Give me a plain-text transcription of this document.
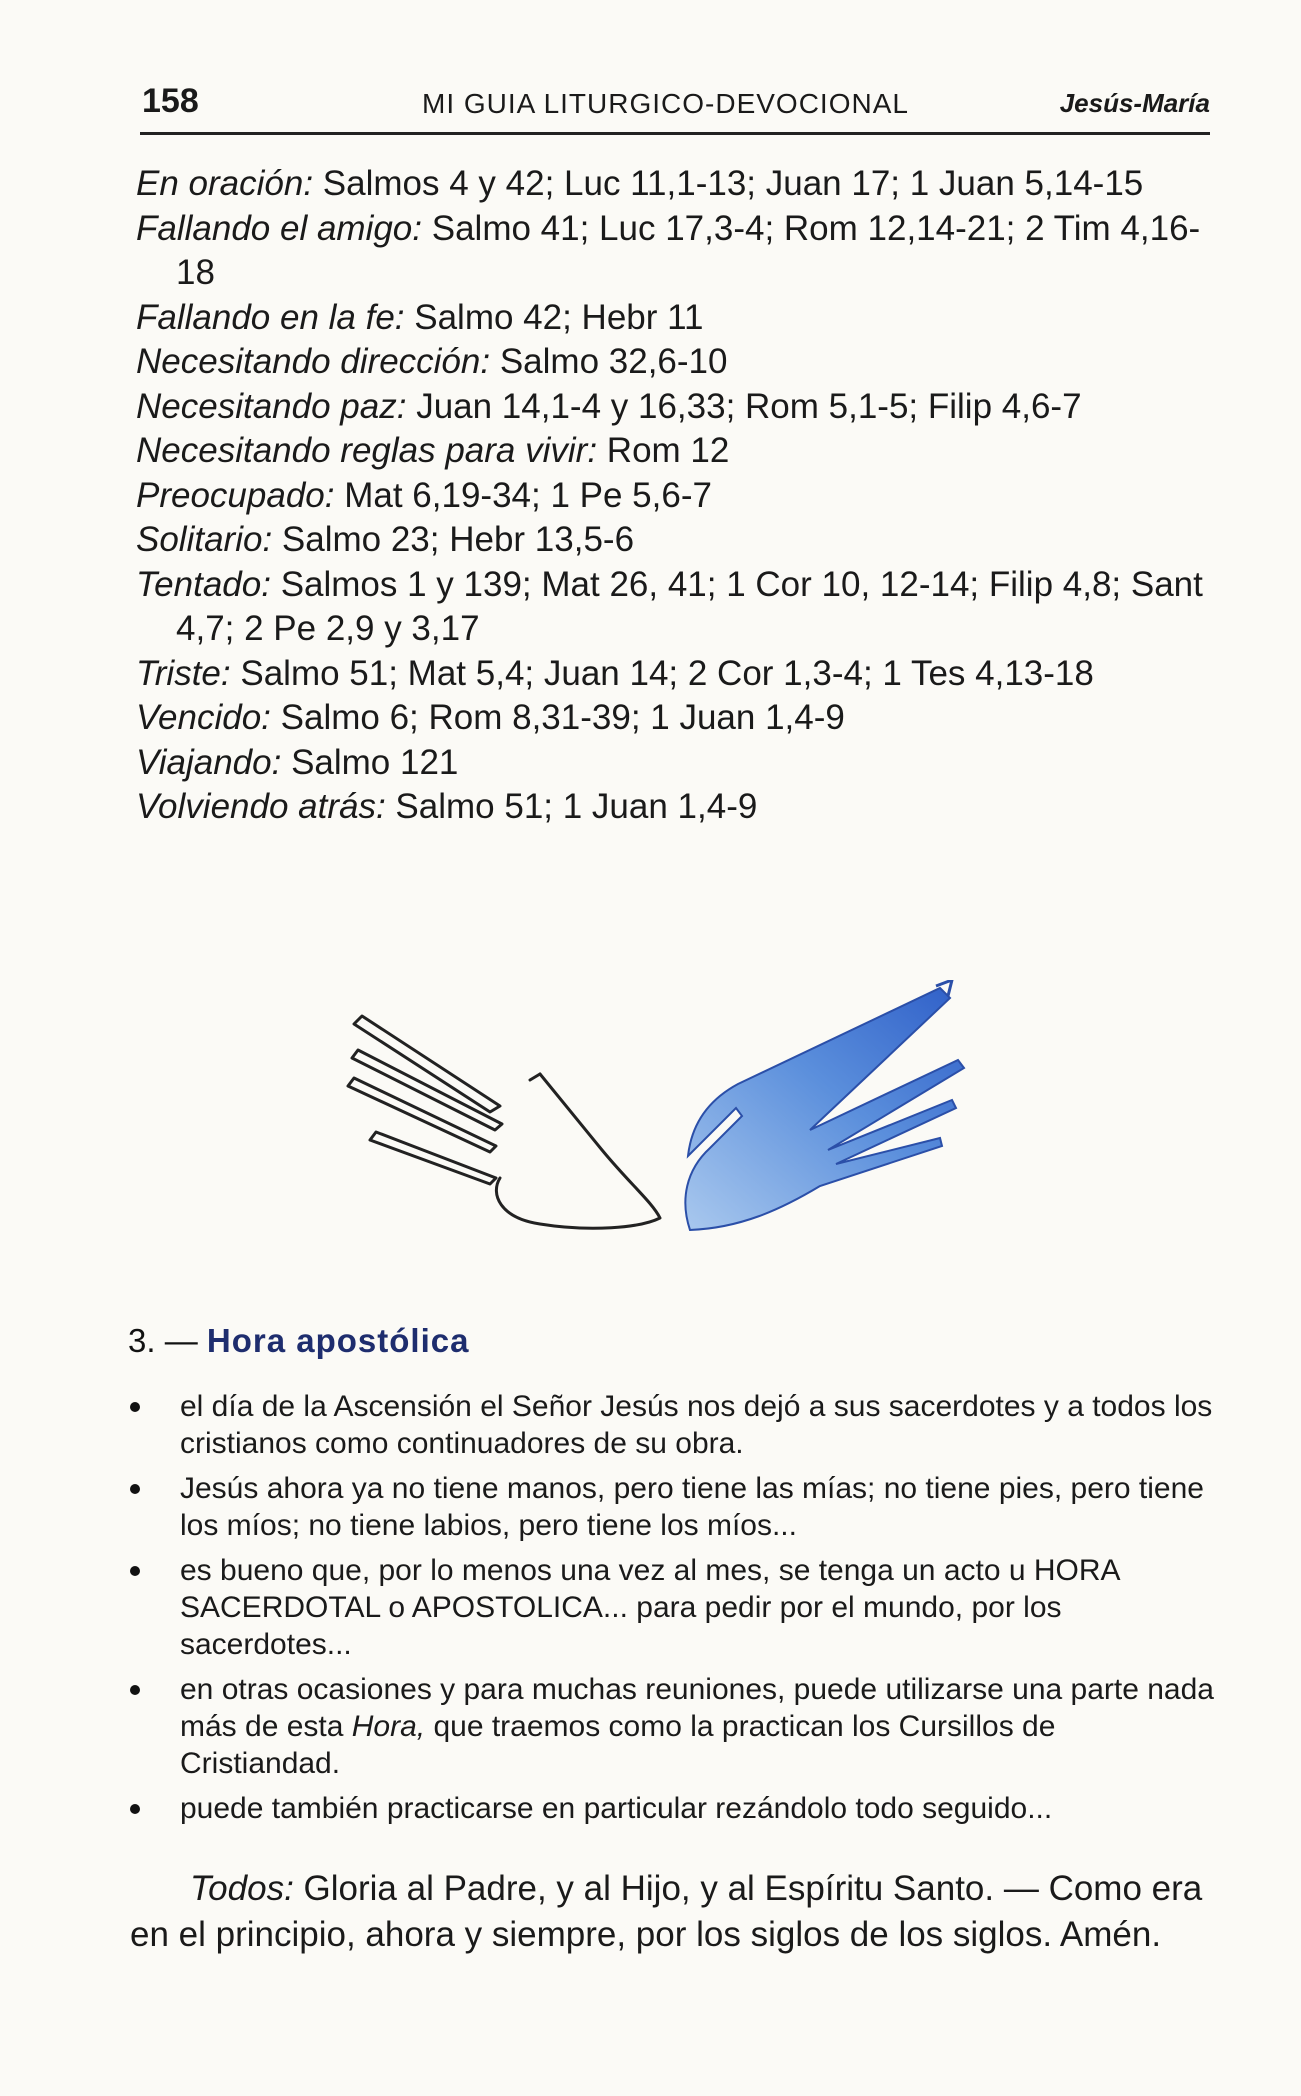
158	MI GUIA LITURGICO-DEVOCIONAL	Jesús-María
En oración: Salmos 4 y 42; Luc 11,1-13; Juan 17; 1 Juan 5,14-15
Fallando el amigo: Salmo 41; Luc 17,3-4; Rom 12,14-21; 2 Tim 4,16-18
Fallando en la fe: Salmo 42; Hebr 11
Necesitando dirección: Salmo 32,6-10
Necesitando paz: Juan 14,1-4 y 16,33; Rom 5,1-5; Filip 4,6-7
Necesitando reglas para vivir: Rom 12
Preocupado: Mat 6,19-34; 1 Pe 5,6-7
Solitario: Salmo 23; Hebr 13,5-6
Tentado: Salmos 1 y 139; Mat 26, 41; 1 Cor 10, 12-14; Filip 4,8; Sant 4,7; 2 Pe 2,9 y 3,17
Triste: Salmo 51; Mat 5,4; Juan 14; 2 Cor 1,3-4; 1 Tes 4,13-18
Vencido: Salmo 6; Rom 8,31-39; 1 Juan 1,4-9
Viajando: Salmo 121
Volviendo atrás: Salmo 51; 1 Juan 1,4-9
3. — Hora apostólica
el día de la Ascensión el Señor Jesús nos dejó a sus sacerdotes y a todos los cristianos como continuadores de su obra.
Jesús ahora ya no tiene manos, pero tiene las mías; no tiene pies, pero tiene los míos; no tiene labios, pero tiene los míos...
es bueno que, por lo menos una vez al mes, se tenga un acto u HORA SACERDOTAL o APOSTOLICA... para pedir por el mundo, por los sacerdotes...
en otras ocasiones y para muchas reuniones, puede utilizarse una parte nada más de esta Hora, que traemos como la practican los Cursillos de Cristiandad.
puede también practicarse en particular rezándolo todo seguido...
Todos: Gloria al Padre, y al Hijo, y al Espíritu Santo. — Como era en el principio, ahora y siempre, por los siglos de los siglos. Amén.
